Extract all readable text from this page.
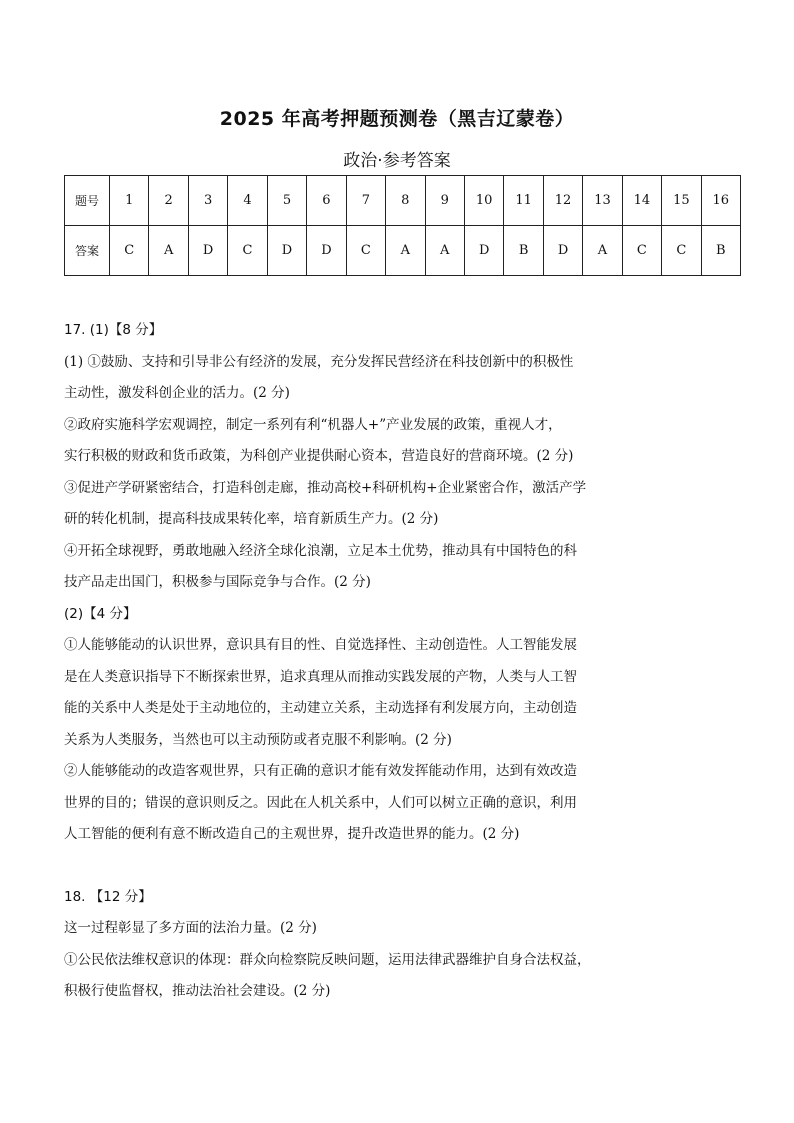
2025 年高考押题预测卷（黑吉辽蒙卷）
政治·参考答案
题号	1	2	3	4	5	6	7	8	9	10	11	12	13	14	15	16
答案	C	A	D	C	D	D	C	A	A	D	B	D	A	C	C	B

17. (1)【8 分】

(1) ①鼓励、支持和引导非公有经济的发展，充分发挥民营经济在科技创新中的积极性

主动性，激发科创企业的活力。(2 分)

②政府实施科学宏观调控，制定一系列有利“机器人+”产业发展的政策，重视人才，

实行积极的财政和货币政策，为科创产业提供耐心资本，营造良好的营商环境。(2 分)

③促进产学研紧密结合，打造科创走廊，推动高校+科研机构+企业紧密合作，激活产学

研的转化机制，提高科技成果转化率，培育新质生产力。(2 分)

④开拓全球视野，勇敢地融入经济全球化浪潮，立足本土优势，推动具有中国特色的科

技产品走出国门，积极参与国际竞争与合作。(2 分)

(2)【4 分】

①人能够能动的认识世界，意识具有目的性、自觉选择性、主动创造性。人工智能发展

是在人类意识指导下不断探索世界，追求真理从而推动实践发展的产物，人类与人工智

能的关系中人类是处于主动地位的，主动建立关系，主动选择有利发展方向，主动创造

关系为人类服务，当然也可以主动预防或者克服不利影响。(2 分)

②人能够能动的改造客观世界，只有正确的意识才能有效发挥能动作用，达到有效改造

世界的目的；错误的意识则反之。因此在人机关系中，人们可以树立正确的意识，利用

人工智能的便利有意不断改造自己的主观世界，提升改造世界的能力。(2 分)

18. 【12 分】

这一过程彰显了多方面的法治力量。(2 分)

①公民依法维权意识的体现：群众向检察院反映问题，运用法律武器维护自身合法权益，

积极行使监督权，推动法治社会建设。(2 分)
